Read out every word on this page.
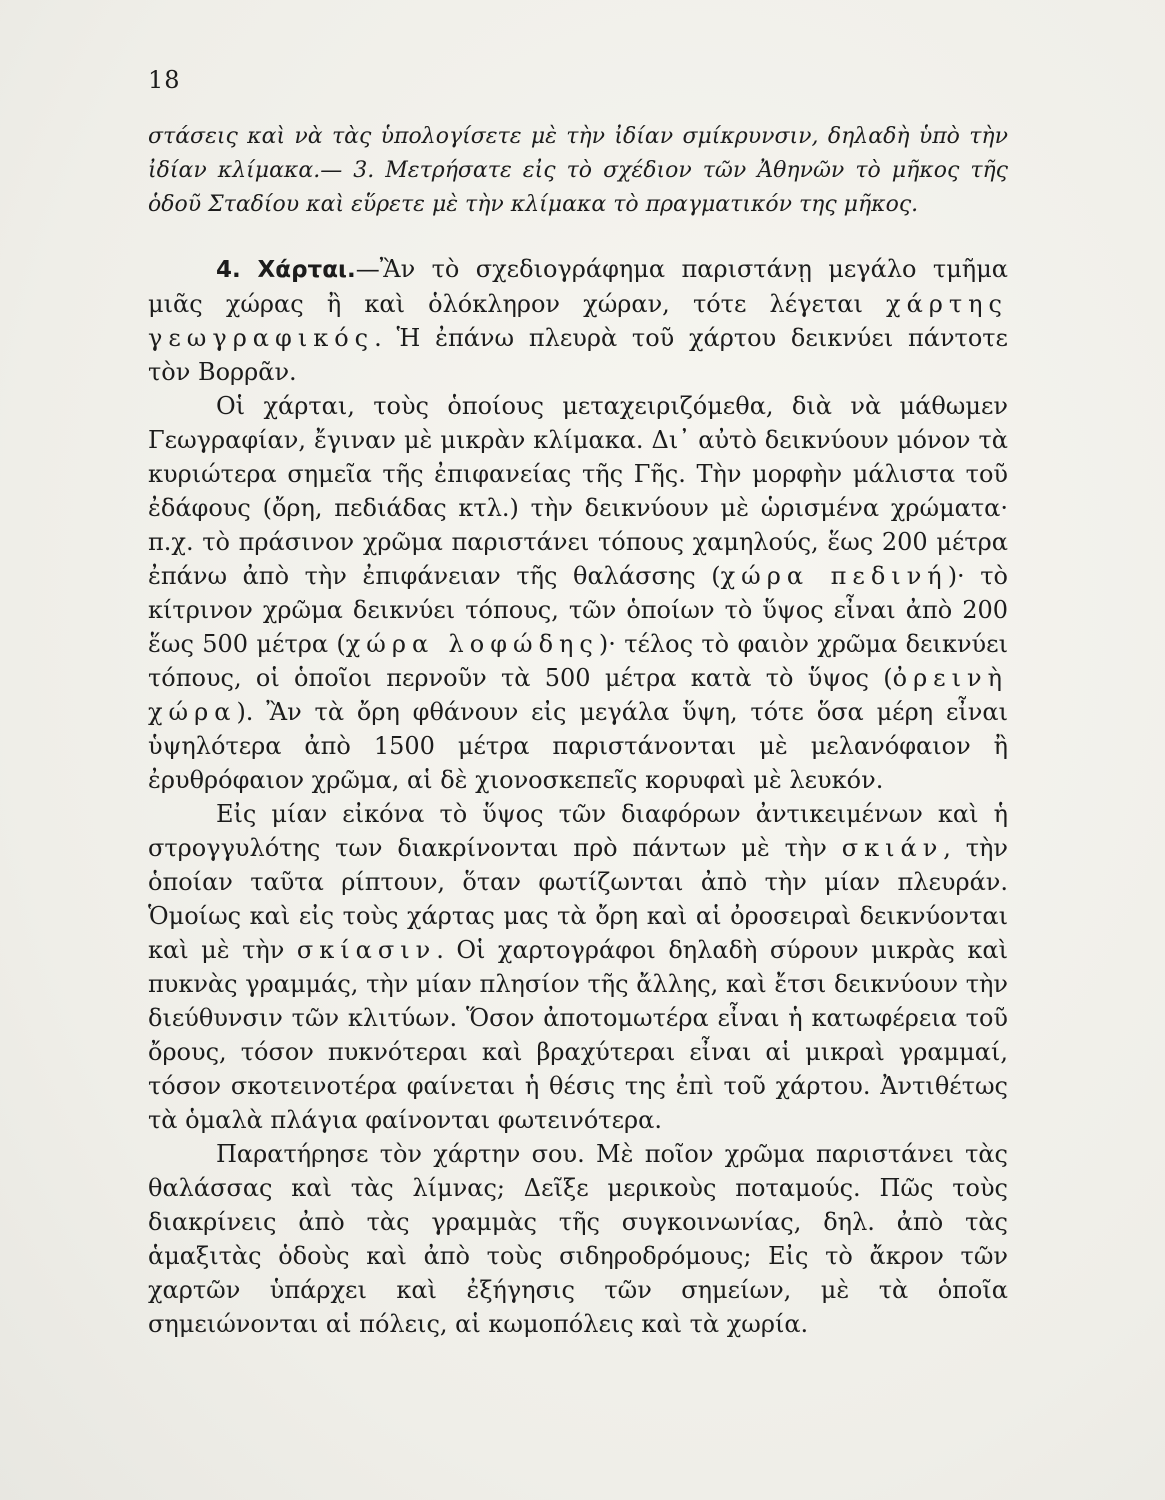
18

στάσεις καὶ νὰ τὰς ὑπολογίσετε μὲ τὴν ἰδίαν σμίκρυνσιν, δηλαδὴ ὑπὸ τὴν ἰδίαν κλίμακα.— 3. Μετρήσατε εἰς τὸ σχέδιον τῶν Ἀθηνῶν τὸ μῆκος τῆς ὁδοῦ Σταδίου καὶ εὕρετε μὲ τὴν κλίμακα τὸ πραγματικόν της μῆκος.

4. Χάρται.—Ἂν τὸ σχεδιογράφημα παριστάνῃ μεγάλο τμῆμα μιᾶς χώρας ἢ καὶ ὁλόκληρον χώραν, τότε λέγεται χάρτης γεωγραφικός. Ἡ ἐπάνω πλευρὰ τοῦ χάρτου δεικνύει πάντοτε τὸν Βορρᾶν.

Οἱ χάρται, τοὺς ὁποίους μεταχειριζόμεθα, διὰ νὰ μάθωμεν Γεωγραφίαν, ἔγιναν μὲ μικρὰν κλίμακα. Δι᾽ αὐτὸ δεικνύουν μόνον τὰ κυριώτερα σημεῖα τῆς ἐπιφανείας τῆς Γῆς. Τὴν μορφὴν μάλιστα τοῦ ἐδάφους (ὄρη, πεδιάδας κτλ.) τὴν δεικνύουν μὲ ὡρισμένα χρώματα· π.χ. τὸ πράσινον χρῶμα παριστάνει τόπους χαμηλούς, ἕως 200 μέτρα ἐπάνω ἀπὸ τὴν ἐπιφάνειαν τῆς θαλάσσης (χώρα πεδινή)· τὸ κίτρινον χρῶμα δεικνύει τόπους, τῶν ὁποίων τὸ ὕψος εἶναι ἀπὸ 200 ἕως 500 μέτρα (χώρα λοφώδης)· τέλος τὸ φαιὸν χρῶμα δεικνύει τόπους, οἱ ὁποῖοι περνοῦν τὰ 500 μέτρα κατὰ τὸ ὕψος (ὀρεινὴ χώρα). Ἂν τὰ ὄρη φθάνουν εἰς μεγάλα ὕψη, τότε ὅσα μέρη εἶναι ὑψηλότερα ἀπὸ 1500 μέτρα παριστάνονται μὲ μελανόφαιον ἢ ἐρυθρόφαιον χρῶμα, αἱ δὲ χιονοσκεπεῖς κορυφαὶ μὲ λευκόν.

Εἰς μίαν εἰκόνα τὸ ὕψος τῶν διαφόρων ἀντικειμένων καὶ ἡ στρογγυλότης των διακρίνονται πρὸ πάντων μὲ τὴν σκιάν, τὴν ὁποίαν ταῦτα ρίπτουν, ὅταν φωτίζωνται ἀπὸ τὴν μίαν πλευράν. Ὁμοίως καὶ εἰς τοὺς χάρτας μας τὰ ὄρη καὶ αἱ ὀροσειραὶ δεικνύονται καὶ μὲ τὴν σκίασιν. Οἱ χαρτογράφοι δηλαδὴ σύρουν μικρὰς καὶ πυκνὰς γραμμάς, τὴν μίαν πλησίον τῆς ἄλλης, καὶ ἔτσι δεικνύουν τὴν διεύθυνσιν τῶν κλιτύων. Ὅσον ἀποτομωτέρα εἶναι ἡ κατωφέρεια τοῦ ὄρους, τόσον πυκνότεραι καὶ βραχύτεραι εἶναι αἱ μικραὶ γραμμαί, τόσον σκοτεινοτέρα φαίνεται ἡ θέσις της ἐπὶ τοῦ χάρτου. Ἀντιθέτως τὰ ὁμαλὰ πλάγια φαίνονται φωτεινότερα.

Παρατήρησε τὸν χάρτην σου. Μὲ ποῖον χρῶμα παριστάνει τὰς θαλάσσας καὶ τὰς λίμνας; Δεῖξε μερικοὺς ποταμούς. Πῶς τοὺς διακρίνεις ἀπὸ τὰς γραμμὰς τῆς συγκοινωνίας, δηλ. ἀπὸ τὰς ἁμαξιτὰς ὁδοὺς καὶ ἀπὸ τοὺς σιδηροδρόμους; Εἰς τὸ ἄκρον τῶν χαρτῶν ὑπάρχει καὶ ἐξήγησις τῶν σημείων, μὲ τὰ ὁποῖα σημειώνονται αἱ πόλεις, αἱ κωμοπόλεις καὶ τὰ χωρία.
